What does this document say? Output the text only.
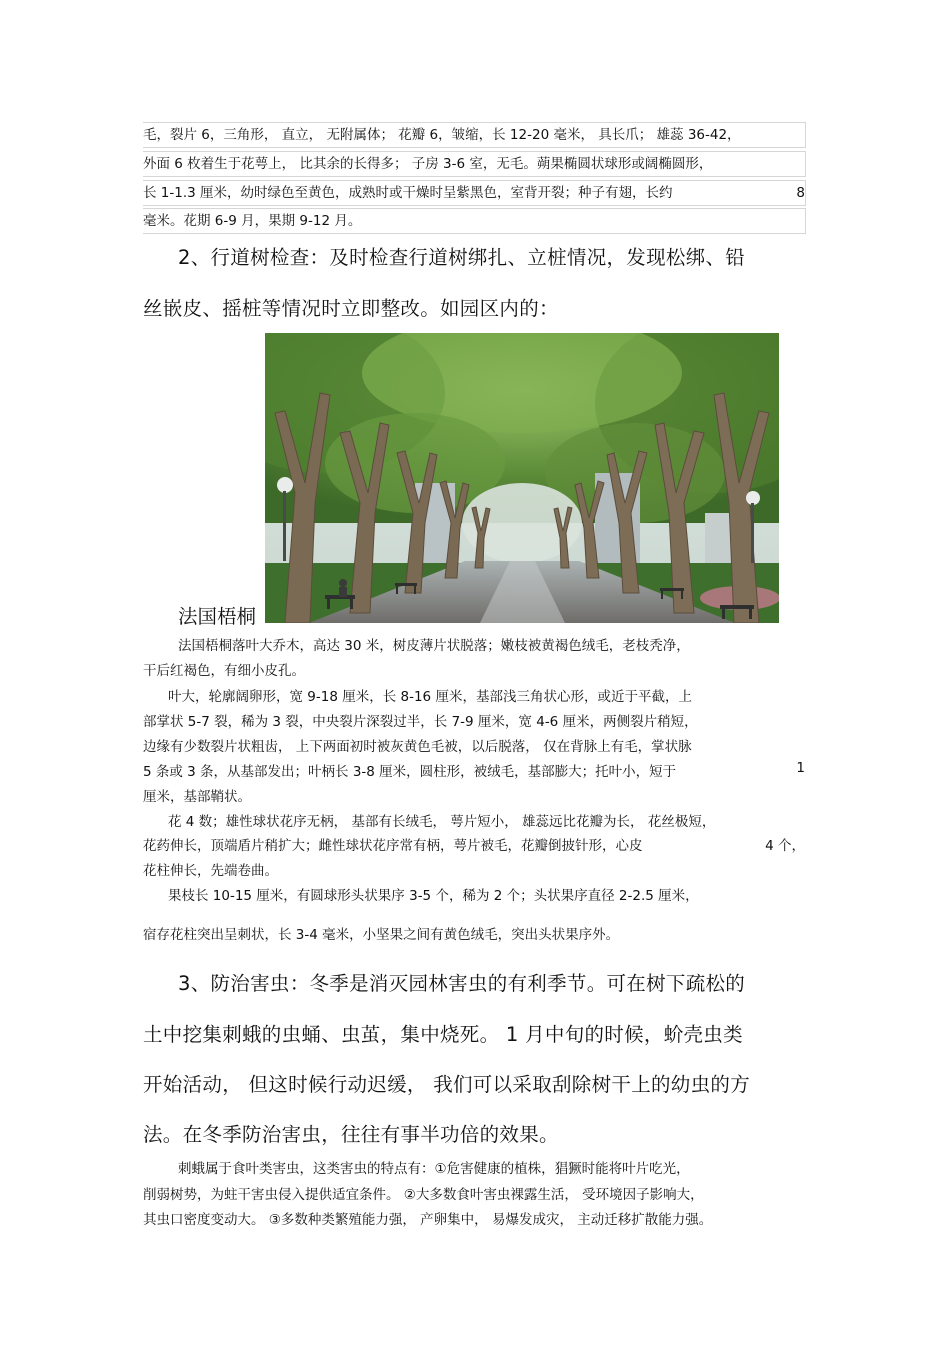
毛，裂片 6，三角形， 直立， 无附属体； 花瓣 6，皱缩，长 12-20 毫米， 具长爪； 雄蕊 36-42，
外面 6 枚着生于花萼上， 比其余的长得多； 子房 3-6 室，无毛。蒴果椭圆状球形或阔椭圆形，
长 1-1.3 厘米，幼时绿色至黄色，成熟时或干燥时呈紫黑色，室背开裂；种子有翅，长约	8
毫米。花期 6-9 月，果期 9-12 月。
2、行道树检查：及时检查行道树绑扎、立桩情况，发现松绑、铅
丝嵌皮、摇桩等情况时立即整改。如园区内的：
法国梧桐
法国梧桐落叶大乔木，高达 30 米，树皮薄片状脱落；嫩枝被黄褐色绒毛，老枝秃净，
干后红褐色，有细小皮孔。
叶大，轮廓阔卵形，宽 9-18 厘米，长 8-16 厘米，基部浅三角状心形，或近于平截，上
部掌状 5-7 裂，稀为 3 裂，中央裂片深裂过半，长 7-9 厘米，宽 4-6 厘米，两侧裂片稍短，
边缘有少数裂片状粗齿， 上下两面初时被灰黄色毛被，以后脱落， 仅在背脉上有毛，掌状脉
5 条或 3 条，从基部发出；叶柄长 3-8 厘米，圆柱形，被绒毛，基部膨大；托叶小，短于	1
厘米，基部鞘状。
花 4 数；雄性球状花序无柄， 基部有长绒毛， 萼片短小， 雄蕊远比花瓣为长， 花丝极短，
花药伸长，顶端盾片稍扩大；雌性球状花序常有柄，萼片被毛，花瓣倒披针形，心皮	4 个，
花柱伸长，先端卷曲。
果枝长 10-15 厘米，有圆球形头状果序 3-5 个，稀为 2 个；头状果序直径 2-2.5 厘米，
宿存花柱突出呈刺状，长 3-4 毫米，小坚果之间有黄色绒毛，突出头状果序外。
3、防治害虫：冬季是消灭园林害虫的有利季节。可在树下疏松的
土中挖集刺蛾的虫蛹、虫茧，集中烧死。 1 月中旬的时候，蚧壳虫类
开始活动， 但这时候行动迟缓， 我们可以采取刮除树干上的幼虫的方
法。在冬季防治害虫，往往有事半功倍的效果。
刺蛾属于食叶类害虫，这类害虫的特点有：①危害健康的植株，猖獗时能将叶片吃光，
削弱树势，为蛀干害虫侵入提供适宜条件。 ②大多数食叶害虫裸露生活， 受环境因子影响大，
其虫口密度变动大。 ③多数种类繁殖能力强， 产卵集中， 易爆发成灾， 主动迁移扩散能力强。
